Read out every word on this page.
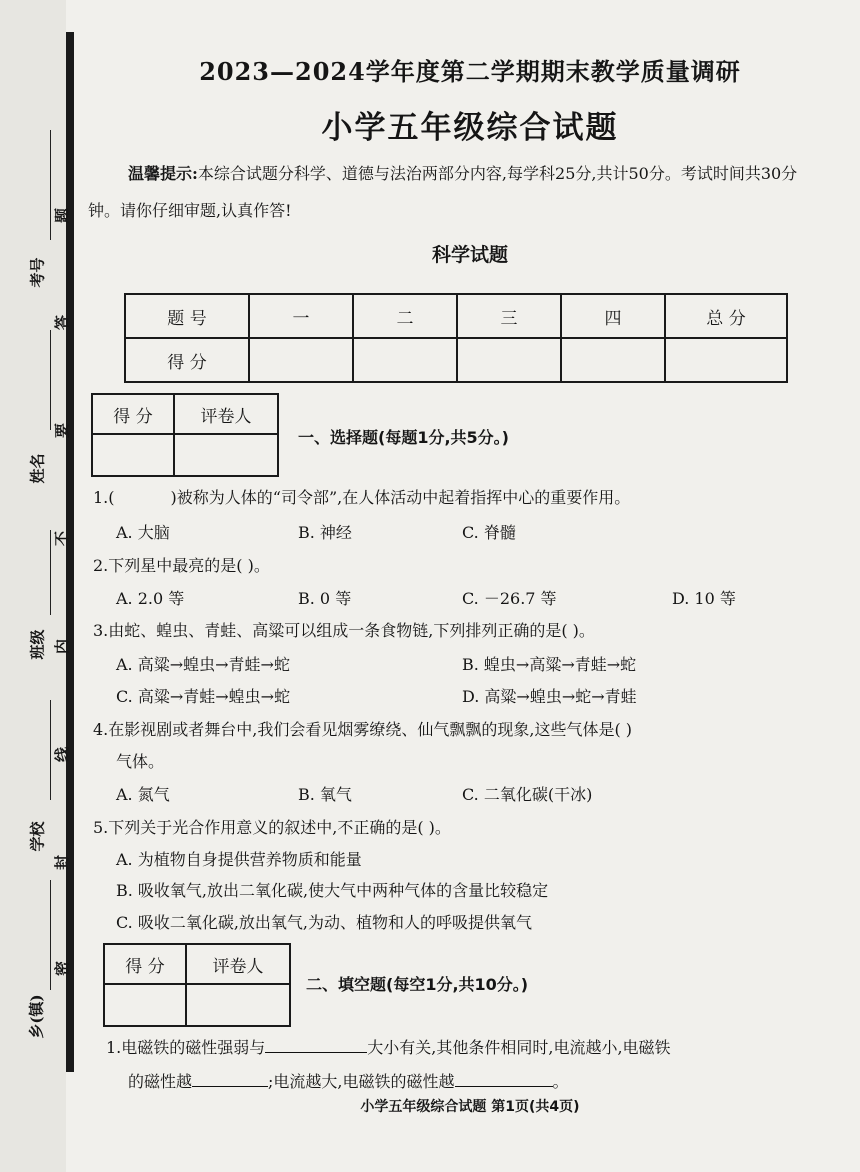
考号
姓名
班级
学校
乡(镇)
题
答
要
不
内
线
封
密
2023—2024学年度第二学期期末教学质量调研
小学五年级综合试题
温馨提示:本综合试题分科学、道德与法治两部分内容,每学科25分,共计50分。考试时间共30分钟。请你仔细审题,认真作答!
科学试题
题 号	一	二	三	四	总 分
得 分					
得 分	评卷人

一、选择题(每题1分,共5分。)
1.(	)被称为人体的“司令部”,在人体活动中起着指挥中心的重要作用。
A. 大脑	B. 神经	C. 脊髓
2.下列星中最亮的是( )。
A. 2.0 等	B. 0 等	C. －26.7 等	D. 10 等
3.由蛇、蝗虫、青蛙、高粱可以组成一条食物链,下列排列正确的是( )。
A. 高粱→蝗虫→青蛙→蛇	B. 蝗虫→高粱→青蛙→蛇
C. 高粱→青蛙→蝗虫→蛇	D. 高粱→蝗虫→蛇→青蛙
4.在影视剧或者舞台中,我们会看见烟雾缭绕、仙气飘飘的现象,这些气体是( )
气体。
A. 氮气	B. 氧气	C. 二氧化碳(干冰)
5.下列关于光合作用意义的叙述中,不正确的是( )。
A. 为植物自身提供营养物质和能量
B. 吸收氧气,放出二氧化碳,使大气中两种气体的含量比较稳定
C. 吸收二氧化碳,放出氧气,为动、植物和人的呼吸提供氧气
得 分	评卷人

二、填空题(每空1分,共10分。)
1.电磁铁的磁性强弱与	大小有关,其他条件相同时,电流越小,电磁铁
的磁性越	;电流越大,电磁铁的磁性越	。
小学五年级综合试题 第1页(共4页)
